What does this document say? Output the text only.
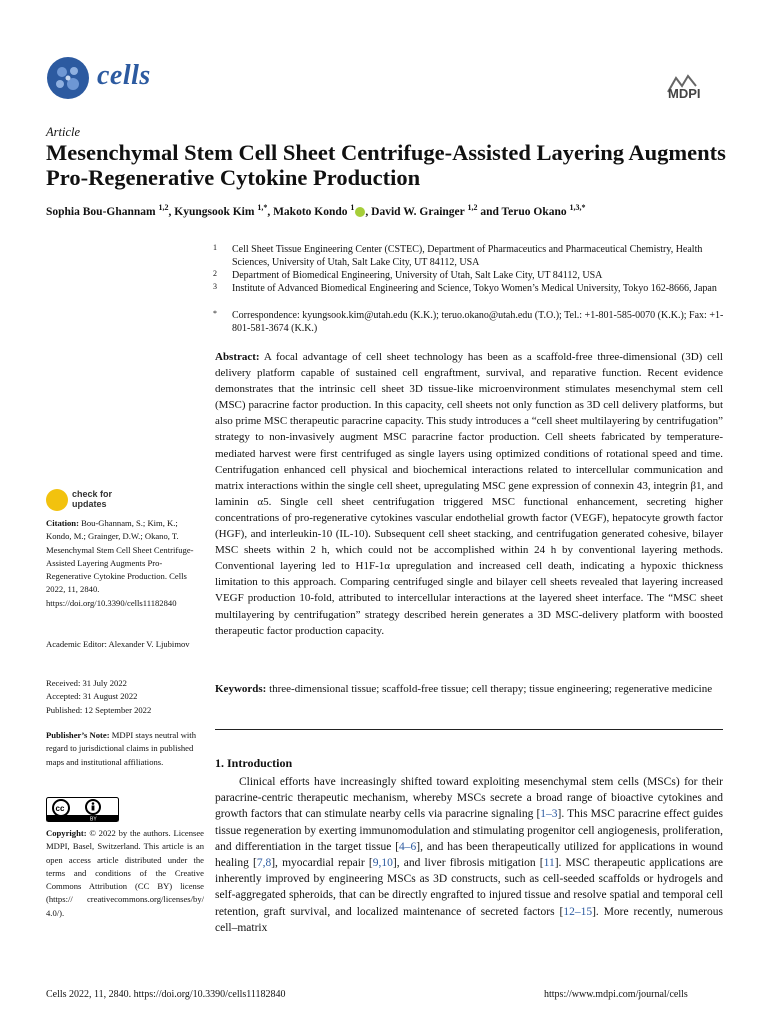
cells
MDPI
Article
Mesenchymal Stem Cell Sheet Centrifuge-Assisted Layering Augments Pro-Regenerative Cytokine Production
Sophia Bou-Ghannam $^{1,2}$, Kyungsook Kim $^{1,*}$, Makoto Kondo $^1$ , David W. Grainger $^{1,2}$ and Teruo Okano $^{1,3,*}$
1 Cell Sheet Tissue Engineering Center (CSTEC), Department of Pharmaceutics and Pharmaceutical Chemistry, Health Sciences, University of Utah, Salt Lake City, UT 84112, USA
2 Department of Biomedical Engineering, University of Utah, Salt Lake City, UT 84112, USA
3 Institute of Advanced Biomedical Engineering and Science, Tokyo Women’s Medical University, Tokyo 162-8666, Japan
* Correspondence: kyungsook.kim@utah.edu (K.K.); teruo.okano@utah.edu (T.O.); Tel.: +1-801-585-0070 (K.K.); Fax: +1-801-581-3674 (K.K.)
Abstract: A focal advantage of cell sheet technology has been as a scaffold-free three-dimensional (3D) cell delivery platform capable of sustained cell engraftment, survival, and reparative function. Recent evidence demonstrates that the intrinsic cell sheet 3D tissue-like microenvironment stimulates mesenchymal stem cell (MSC) paracrine factor production. In this capacity, cell sheets not only function as 3D cell delivery platforms, but also prime MSC therapeutic paracrine capacity. This study introduces a “cell sheet multilayering by centrifugation” strategy to non-invasively augment MSC paracrine factor production. Cell sheets fabricated by temperature-mediated harvest were first centrifuged as single layers using optimized conditions of rotational speed and time. Centrifugation enhanced cell physical and biochemical interactions related to intercellular communication and matrix interactions within the single cell sheet, upregulating MSC gene expression of connexin 43, integrin β1, and laminin α5. Single cell sheet centrifugation triggered MSC functional enhancement, secreting higher concentrations of pro-regenerative cytokines vascular endothelial growth factor (VEGF), hepatocyte growth factor (HGF), and interleukin-10 (IL-10). Subsequent cell sheet stacking, and centrifugation generated cohesive, bilayer MSC sheets within 2 h, which could not be accomplished within 24 h by conventional layering methods. Conventional layering led to H1F-1α upregulation and increased cell death, indicating a hypoxic thickness limitation to this approach. Comparing centrifuged single and bilayer cell sheets revealed that layering increased VEGF production 10-fold, attributed to intercellular interactions at the layered sheet interface. The “MSC sheet multilayering by centrifugation” strategy described herein generates a 3D MSC-delivery platform with boosted therapeutic factor production capacity.
Keywords: three-dimensional tissue; scaffold-free tissue; cell therapy; tissue engineering; regenerative medicine
1. Introduction
Clinical efforts have increasingly shifted toward exploiting mesenchymal stem cells (MSCs) for their paracrine-centric therapeutic mechanism, whereby MSCs secrete a broad range of bioactive cytokines and growth factors that can stimulate nearby cells via paracrine signaling [1–3]. This MSC paracrine effect guides tissue regeneration by exerting immunomodulation and stimulating progenitor cell angiogenesis, proliferation, and differentiation in the target tissue [4–6], and has been therapeutically utilized for applications in wound healing [7,8], myocardial repair [9,10], and liver fibrosis mitigation [11]. MSC therapeutic applications are inherently improved by engineering MSCs as 3D constructs, such as cell-seeded scaffolds or hydrogels and self-aggregated spheroids, that can be directly engrafted to injured tissue and resolve spatial and temporal cell retention, graft survival, and localized maintenance of secreted factors [12–15]. More recently, numerous cell–matrix
check for
updates
Citation: Bou-Ghannam, S.; Kim, K.; Kondo, M.; Grainger, D.W.; Okano, T. Mesenchymal Stem Cell Sheet Centrifuge-Assisted Layering Augments Pro-Regenerative Cytokine Production. Cells 2022, 11, 2840. https://doi.org/10.3390/cells11182840
Academic Editor: Alexander V. Ljubimov
Received: 31 July 2022
Accepted: 31 August 2022
Published: 12 September 2022
Publisher’s Note: MDPI stays neutral with regard to jurisdictional claims in published maps and institutional affiliations.
cc
BY
Copyright: © 2022 by the authors. Licensee MDPI, Basel, Switzerland. This article is an open access article distributed under the terms and conditions of the Creative Commons Attribution (CC BY) license (https:// creativecommons.org/licenses/by/ 4.0/).
Cells 2022, 11, 2840. https://doi.org/10.3390/cells11182840	https://www.mdpi.com/journal/cells
